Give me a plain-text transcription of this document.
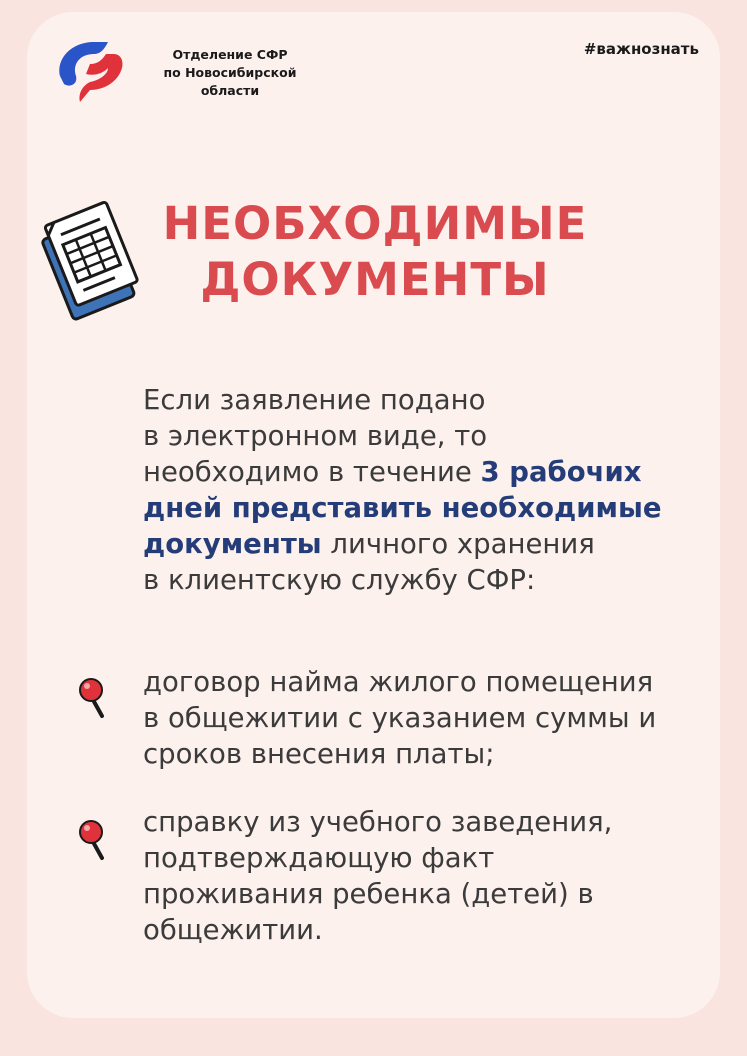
Отделение СФР
по Новосибирской
области
#важнознать
НЕОБХОДИМЫЕ
ДОКУМЕНТЫ
Если заявление подано
в электронном виде, то
необходимо в течение 3 рабочих
дней представить необходимые
документы личного хранения
в клиентскую службу СФР:
договор найма жилого помещения
в общежитии с указанием суммы и
сроков внесения платы;
справку из учебного заведения,
подтверждающую факт
проживания ребенка (детей) в
общежитии.
